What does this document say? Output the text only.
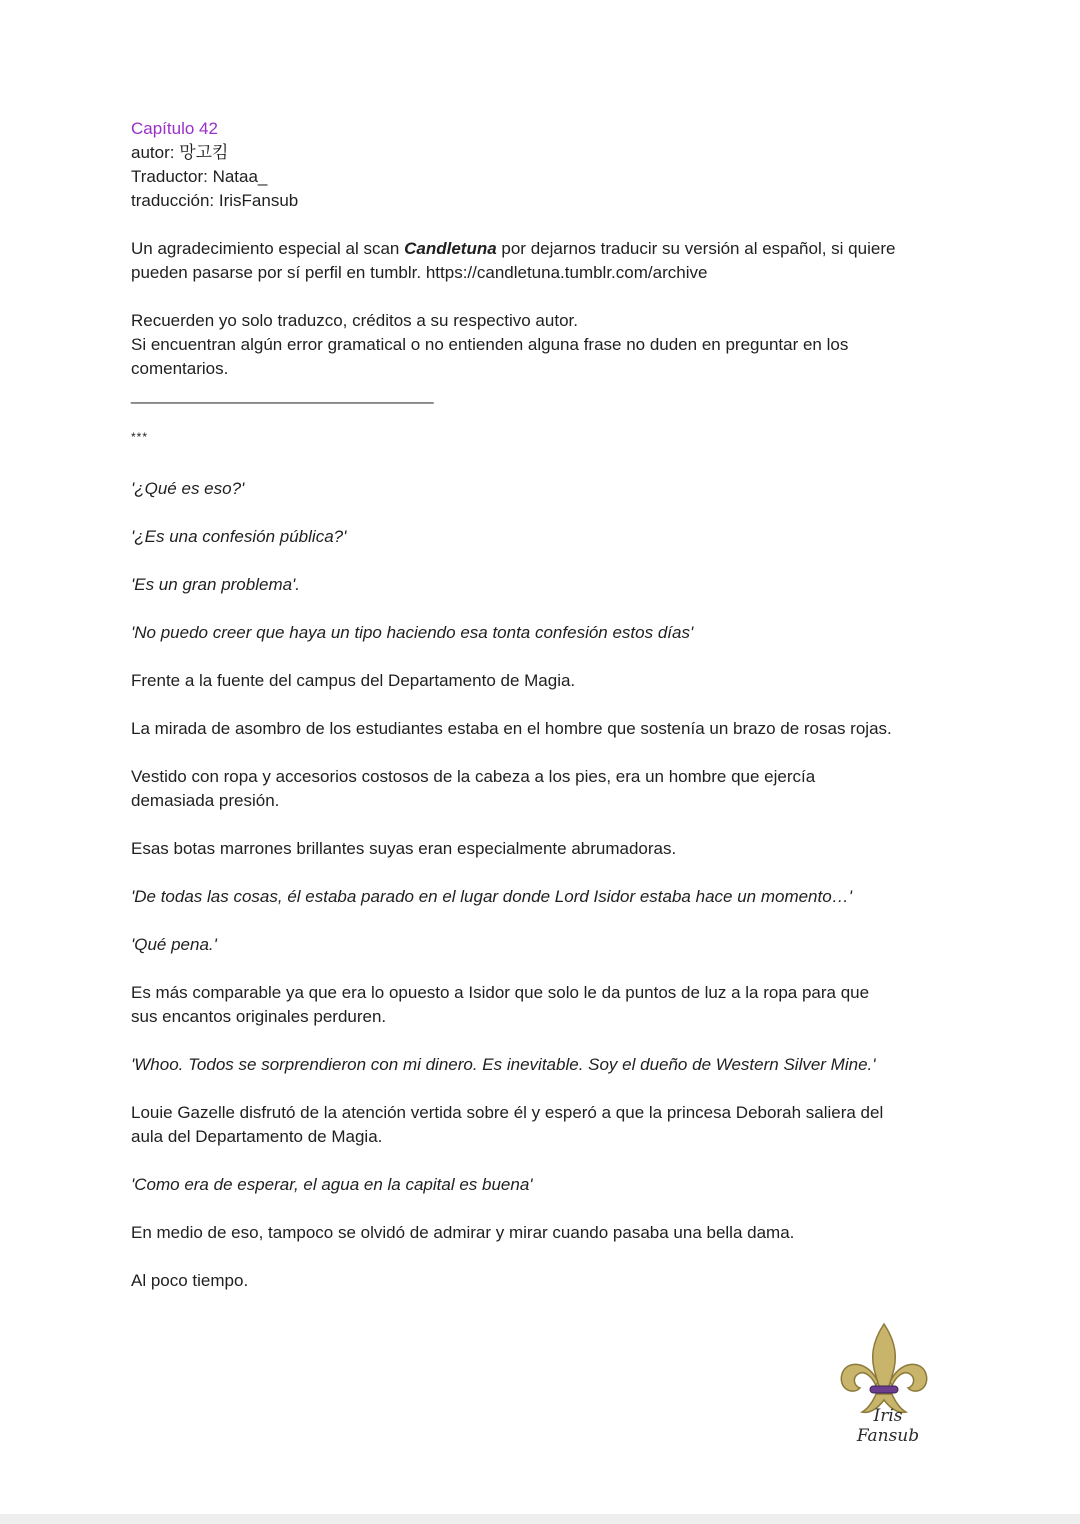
Capítulo 42
autor: 망고킴
Traductor: Nataa_
traducción: IrisFansub

Un agradecimiento especial al scan Candletuna por dejarnos traducir su versión al español, si quiere
pueden pasarse por sí perfil en tumblr. https://candletuna.tumblr.com/archive

Recuerden yo solo traduzco, créditos a su respectivo autor.
Si encuentran algún error gramatical o no entienden alguna frase no duden en preguntar en los
comentarios.
________________________________
***

'¿Qué es eso?'

'¿Es una confesión pública?'

'Es un gran problema'.

'No puedo creer que haya un tipo haciendo esa tonta confesión estos días'

Frente a la fuente del campus del Departamento de Magia.

La mirada de asombro de los estudiantes estaba en el hombre que sostenía un brazo de rosas rojas.

Vestido con ropa y accesorios costosos de la cabeza a los pies, era un hombre que ejercía
demasiada presión.

Esas botas marrones brillantes suyas eran especialmente abrumadoras.

'De todas las cosas, él estaba parado en el lugar donde Lord Isidor estaba hace un momento…'

'Qué pena.'

Es más comparable ya que era lo opuesto a Isidor que solo le da puntos de luz a la ropa para que
sus encantos originales perduren.

'Whoo. Todos se sorprendieron con mi dinero. Es inevitable. Soy el dueño de Western Silver Mine.'

Louie Gazelle disfrutó de la atención vertida sobre él y esperó a que la princesa Deborah saliera del
aula del Departamento de Magia.

'Como era de esperar, el agua en la capital es buena'

En medio de eso, tampoco se olvidó de admirar y mirar cuando pasaba una bella dama.

Al poco tiempo.

Iris Fansub
